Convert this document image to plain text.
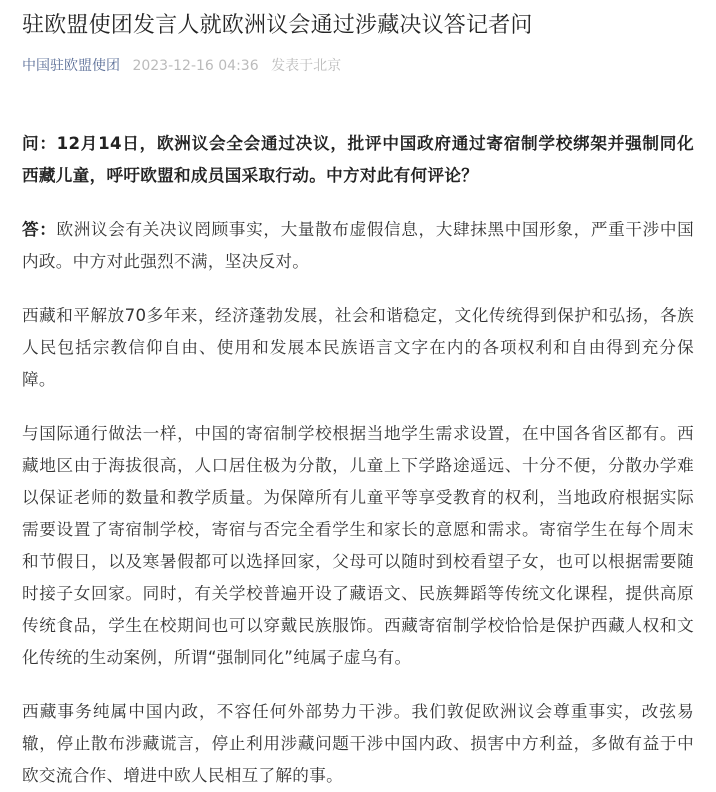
驻欧盟使团发言人就欧洲议会通过涉藏决议答记者问
中国驻欧盟使团 2023-12-16 04:36 发表于北京

问：12月14日，欧洲议会全会通过决议，批评中国政府通过寄宿制学校绑架并强制同化西藏儿童，呼吁欧盟和成员国采取行动。中方对此有何评论？

答：欧洲议会有关决议罔顾事实，大量散布虚假信息，大肆抹黑中国形象，严重干涉中国内政。中方对此强烈不满，坚决反对。

西藏和平解放70多年来，经济蓬勃发展，社会和谐稳定，文化传统得到保护和弘扬，各族人民包括宗教信仰自由、使用和发展本民族语言文字在内的各项权利和自由得到充分保障。

与国际通行做法一样，中国的寄宿制学校根据当地学生需求设置，在中国各省区都有。西藏地区由于海拔很高，人口居住极为分散，儿童上下学路途遥远、十分不便，分散办学难以保证老师的数量和教学质量。为保障所有儿童平等享受教育的权利，当地政府根据实际需要设置了寄宿制学校，寄宿与否完全看学生和家长的意愿和需求。寄宿学生在每个周末和节假日，以及寒暑假都可以选择回家，父母可以随时到校看望子女，也可以根据需要随时接子女回家。同时，有关学校普遍开设了藏语文、民族舞蹈等传统文化课程，提供高原传统食品，学生在校期间也可以穿戴民族服饰。西藏寄宿制学校恰恰是保护西藏人权和文化传统的生动案例，所谓“强制同化”纯属子虚乌有。

西藏事务纯属中国内政，不容任何外部势力干涉。我们敦促欧洲议会尊重事实，改弦易辙，停止散布涉藏谎言，停止利用涉藏问题干涉中国内政、损害中方利益，多做有益于中欧交流合作、增进中欧人民相互了解的事。
